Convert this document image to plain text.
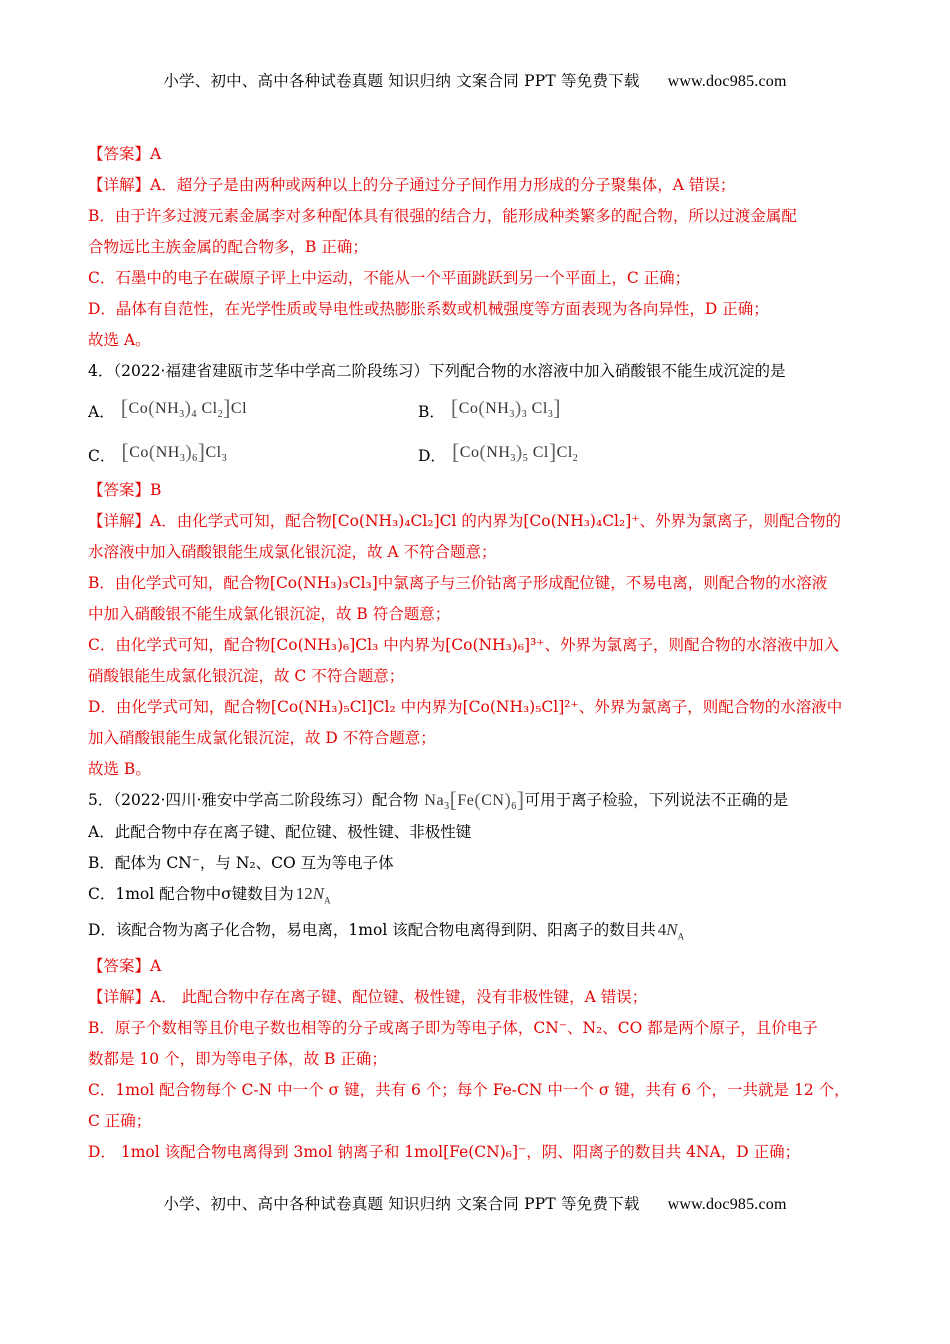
小学、初中、高中各种试卷真题 知识归纳 文案合同 PPT 等免费下载 www.doc985.com
【答案】A
【详解】A．超分子是由两种或两种以上的分子通过分子间作用力形成的分子聚集体，A 错误；
B．由于许多过渡元素金属李对多种配体具有很强的结合力，能形成种类繁多的配合物，所以过渡金属配
合物远比主族金属的配合物多，B 正确；
C．石墨中的电子在碳原子评上中运动，不能从一个平面跳跃到另一个平面上，C 正确；
D．晶体有自范性，在光学性质或导电性或热膨胀系数或机械强度等方面表现为各向异性，D 正确；
故选 A。
4．（2022·福建省建瓯市芝华中学高二阶段练习）下列配合物的水溶液中加入硝酸银不能生成沉淀的是
A． [$Co(NH_3)_4$ $Cl_2]Cl$	B． [$Co(NH_3)_3$ $Cl_3$]
C． $[Co(NH_3)_6]Cl_3$	D． [$Co(NH_3)_5$ $Cl]Cl_2$
【答案】B
【详解】A．由化学式可知，配合物[Co(NH₃)₄Cl₂]Cl 的内界为[Co(NH₃)₄Cl₂]⁺、外界为氯离子，则配合物的
水溶液中加入硝酸银能生成氯化银沉淀，故 A 不符合题意；
B．由化学式可知，配合物[Co(NH₃)₃Cl₃]中氯离子与三价钴离子形成配位键，不易电离，则配合物的水溶液
中加入硝酸银不能生成氯化银沉淀，故 B 符合题意；
C．由化学式可知，配合物[Co(NH₃)₆]Cl₃ 中内界为[Co(NH₃)₆]³⁺、外界为氯离子，则配合物的水溶液中加入
硝酸银能生成氯化银沉淀，故 C 不符合题意；
D．由化学式可知，配合物[Co(NH₃)₅Cl]Cl₂ 中内界为[Co(NH₃)₅Cl]²⁺、外界为氯离子，则配合物的水溶液中
加入硝酸银能生成氯化银沉淀，故 D 不符合题意；
故选 B。
5．（2022·四川·雅安中学高二阶段练习）配合物 $Na_3[Fe(CN)_6]$可用于离子检验，下列说法不正确的是
A．此配合物中存在离子键、配位键、极性键、非极性键
B．配体为 CN⁻，与 N₂、CO 互为等电子体
C．1mol 配合物中σ键数目为 $12N_A$
D．该配合物为离子化合物，易电离，1mol 该配合物电离得到阴、阳离子的数目共 $4N_A$
【答案】A
【详解】A． 此配合物中存在离子键、配位键、极性键，没有非极性键，A 错误；
B．原子个数相等且价电子数也相等的分子或离子即为等电子体，CN⁻、N₂、CO 都是两个原子，且价电子
数都是 10 个，即为等电子体，故 B 正确；
C．1mol 配合物每个 C-N 中一个 σ 键，共有 6 个；每个 Fe-CN 中一个 σ 键，共有 6 个，一共就是 12 个，
C 正确；
D． 1mol 该配合物电离得到 3mol 钠离子和 1mol[Fe(CN)₆]⁻，阴、阳离子的数目共 4NA，D 正确；
小学、初中、高中各种试卷真题 知识归纳 文案合同 PPT 等免费下载 www.doc985.com
